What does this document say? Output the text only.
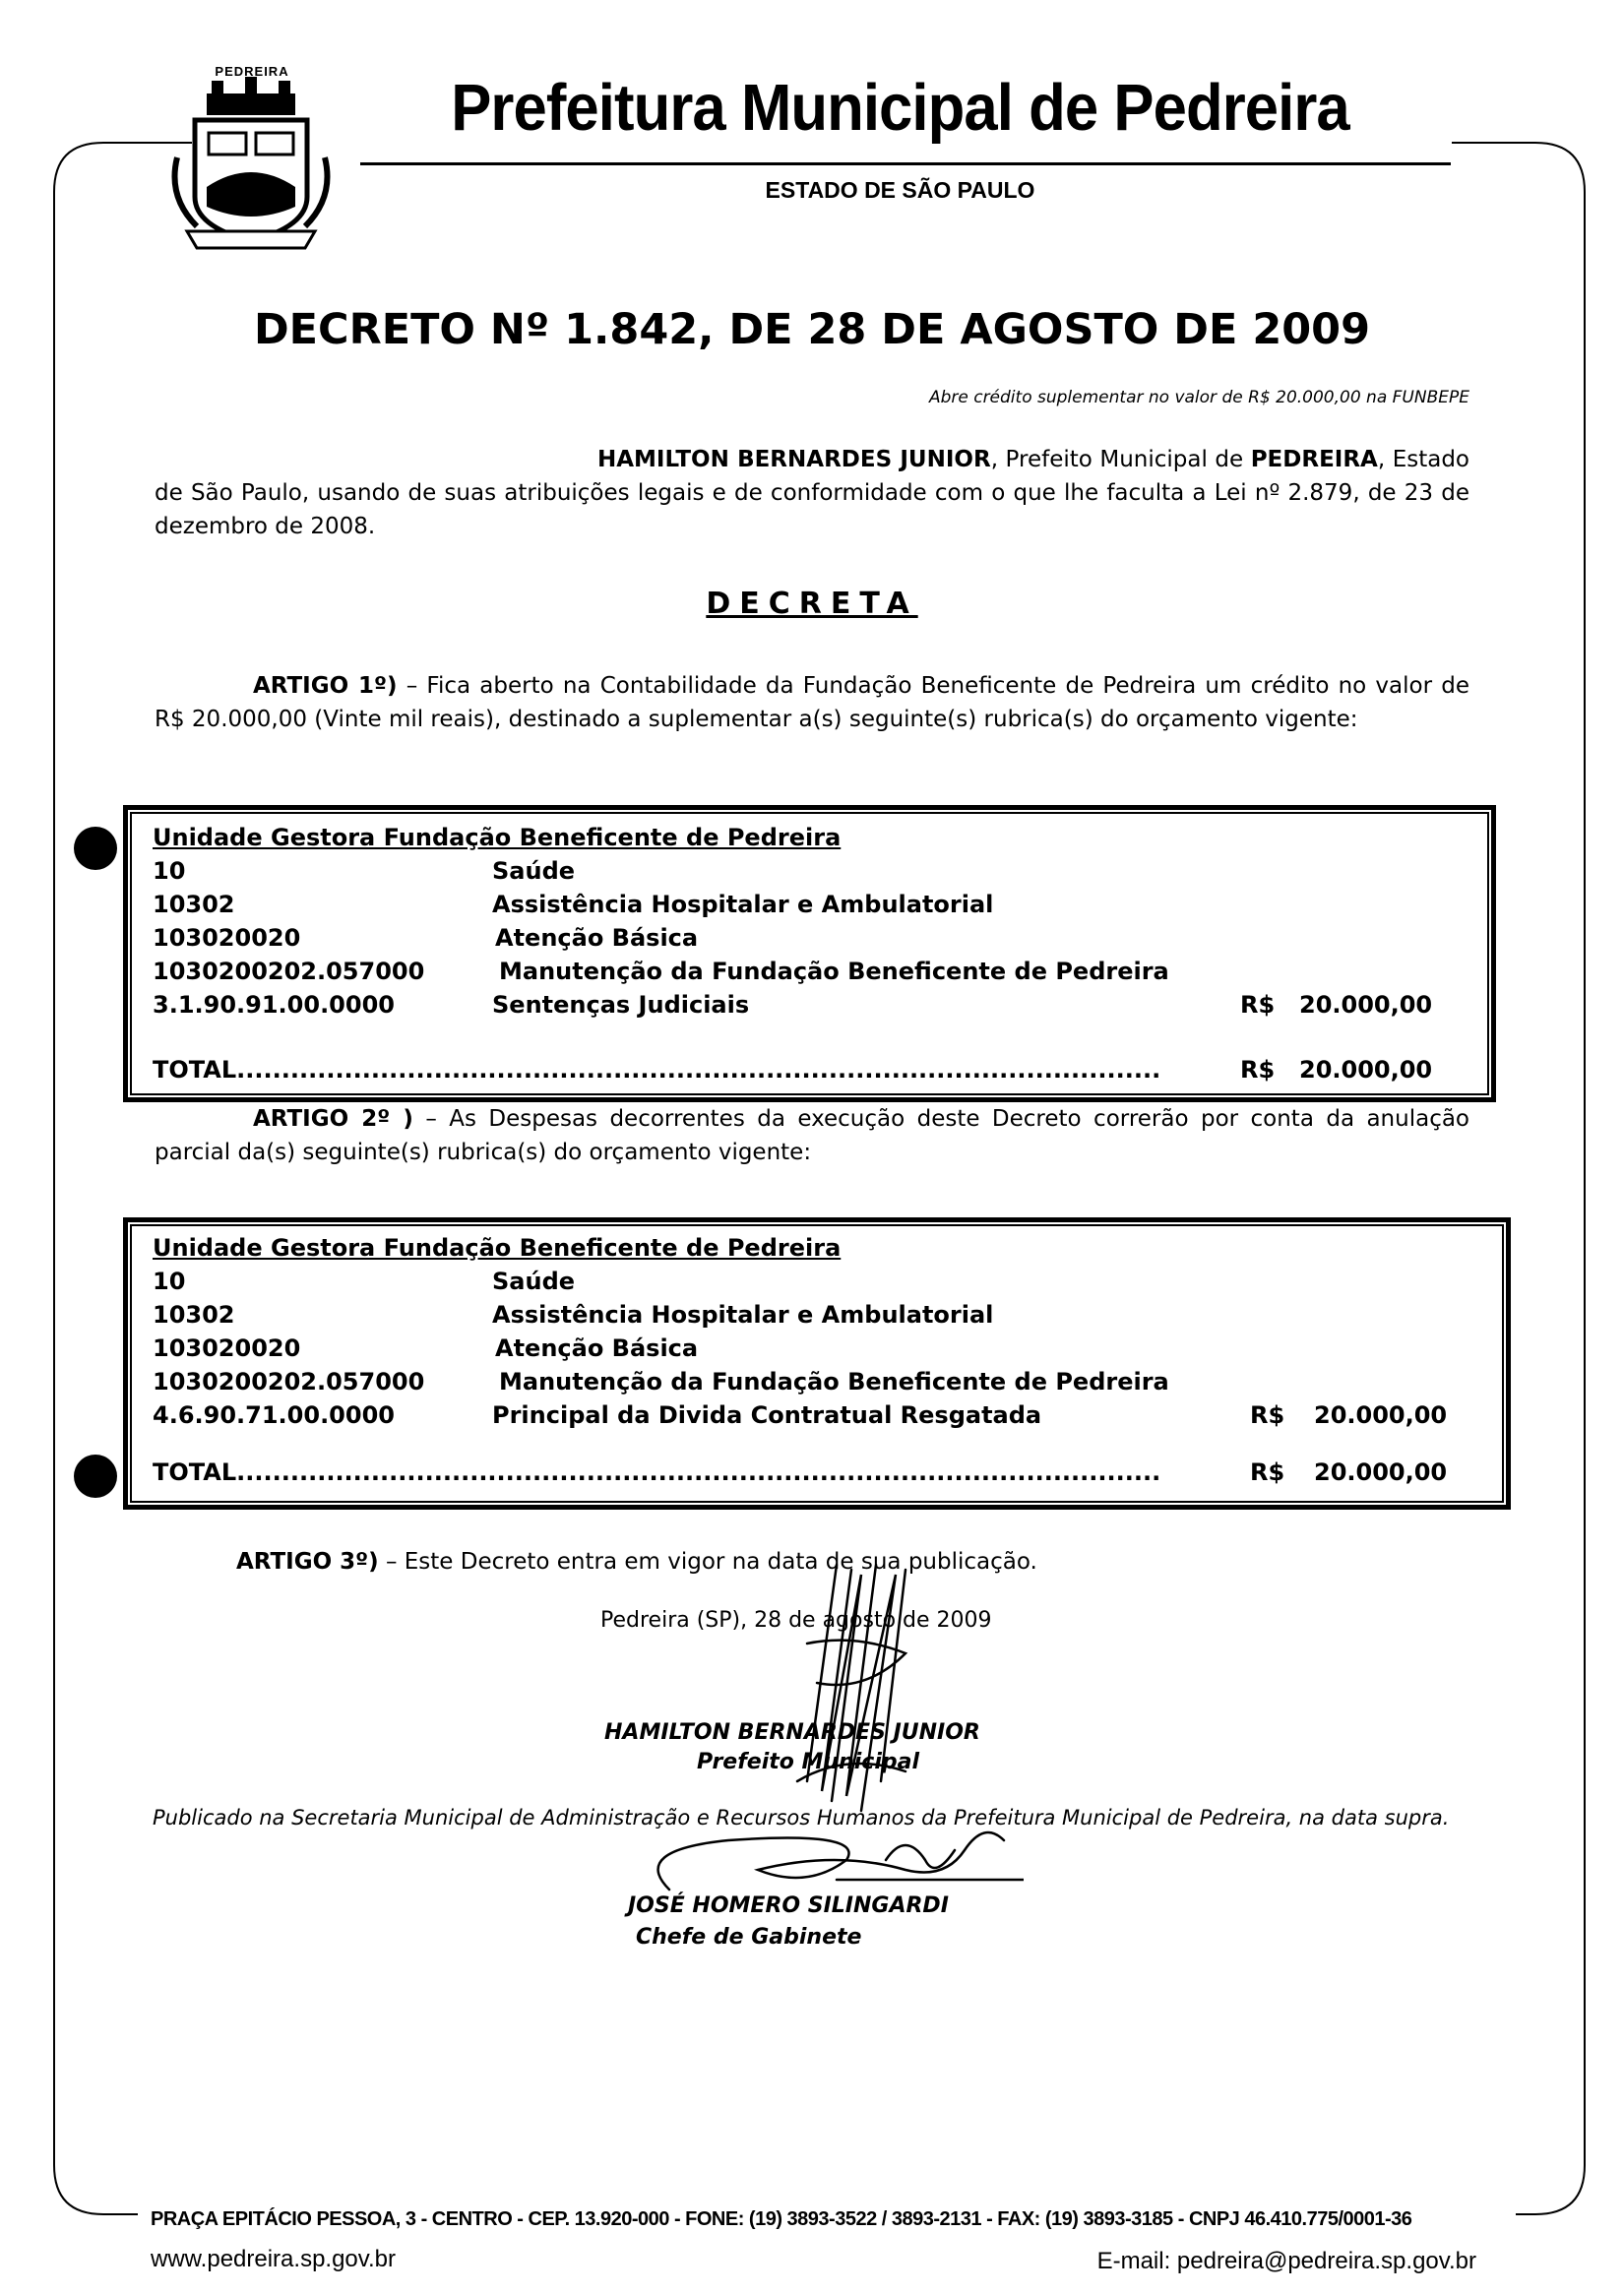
PEDREIRA	Prefeitura Municipal de Pedreira
ESTADO DE SÃO PAULO
DECRETO Nº 1.842, DE 28 DE AGOSTO DE 2009
Abre crédito suplementar no valor de R$ 20.000,00 na FUNBEPE
HAMILTON BERNARDES JUNIOR, Prefeito Municipal de PEDREIRA, Estado de São Paulo, usando de suas atribuições legais e de conformidade com o que lhe faculta a Lei nº 2.879, de 23 de dezembro de 2008.
DECRETA
ARTIGO 1º) – Fica aberto na Contabilidade da Fundação Beneficente de Pedreira um crédito no valor de R$ 20.000,00 (Vinte mil reais), destinado a suplementar a(s) seguinte(s) rubrica(s) do orçamento vigente:
Unidade Gestora Fundação Beneficente de Pedreira
10	Saúde
10302	Assistência Hospitalar e Ambulatorial
103020020	Atenção Básica
1030200202.057000	Manutenção da Fundação Beneficente de Pedreira
3.1.90.91.00.0000	Sentenças Judiciais	R$ 20.000,00
TOTAL.......................................................................................................	R$ 20.000,00
ARTIGO 2º ) – As Despesas decorrentes da execução deste Decreto correrão por conta da anulação parcial da(s) seguinte(s) rubrica(s) do orçamento vigente:
Unidade Gestora Fundação Beneficente de Pedreira
10	Saúde
10302	Assistência Hospitalar e Ambulatorial
103020020	Atenção Básica
1030200202.057000	Manutenção da Fundação Beneficente de Pedreira
4.6.90.71.00.0000	Principal da Divida Contratual Resgatada	R$ 20.000,00
TOTAL.......................................................................................................	R$ 20.000,00
ARTIGO 3º) – Este Decreto entra em vigor na data de sua publicação.
Pedreira (SP), 28 de agosto de 2009
HAMILTON BERNARDES JUNIOR
Prefeito Municipal
Publicado na Secretaria Municipal de Administração e Recursos Humanos da Prefeitura Municipal de Pedreira, na data supra.
JOSÉ HOMERO SILINGARDI
Chefe de Gabinete
PRAÇA EPITÁCIO PESSOA, 3 - CENTRO - CEP. 13.920-000 - FONE: (19) 3893-3522 / 3893-2131 - FAX: (19) 3893-3185 - CNPJ 46.410.775/0001-36
www.pedreira.sp.gov.br	E-mail: pedreira@pedreira.sp.gov.br
